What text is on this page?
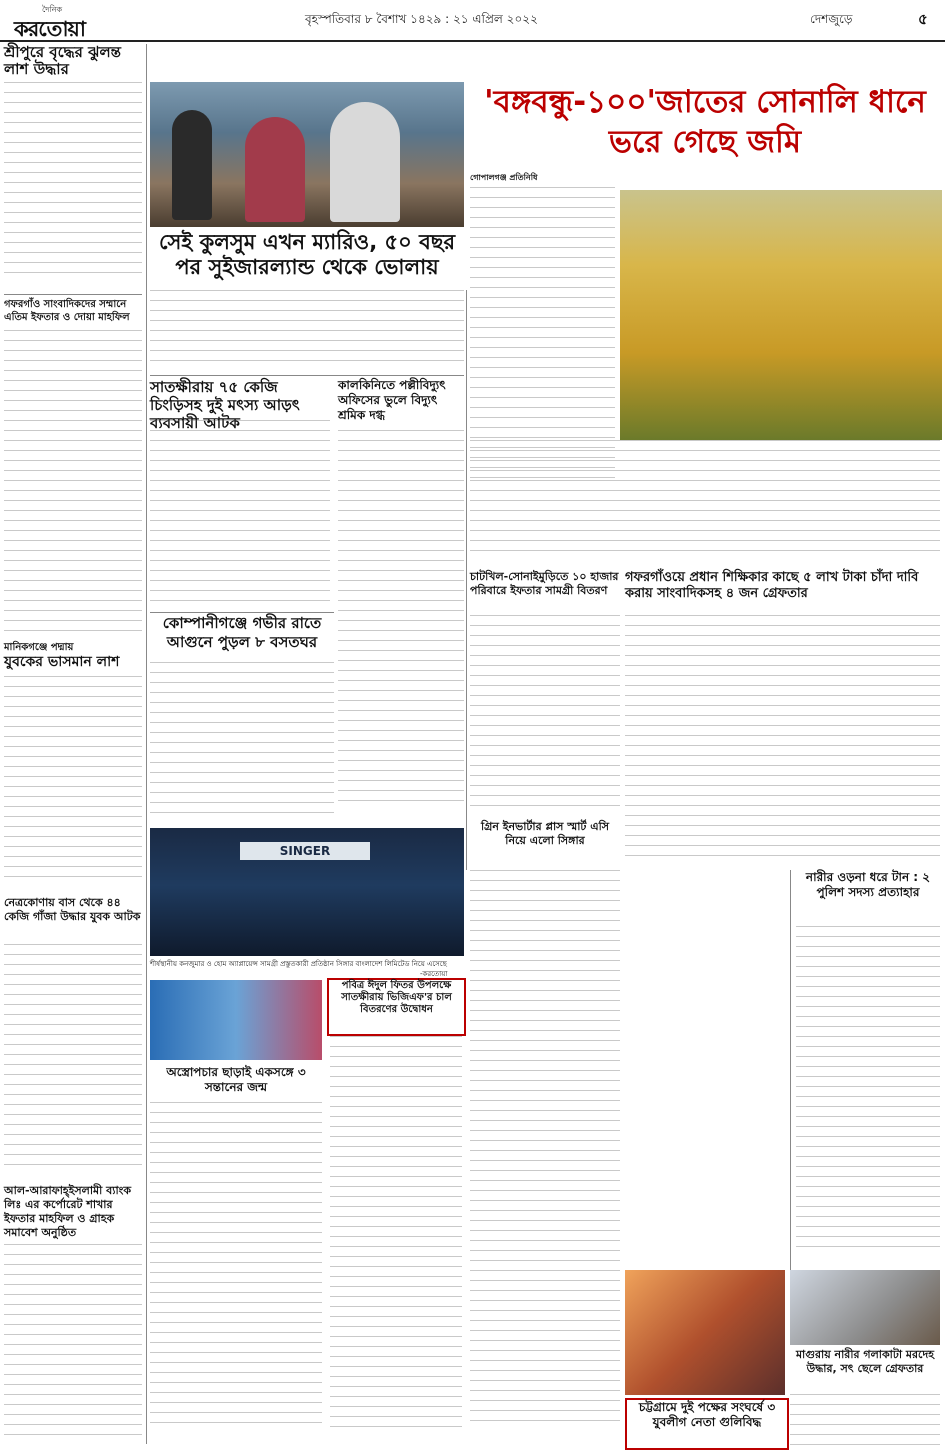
দৈনিক
করতোয়া	বৃহস্পতিবার ৮ বৈশাখ ১৪২৯ : ২১ এপ্রিল ২০২২	দেশজুড়ে	৫
শ্রীপুরে বৃদ্ধের ঝুলন্ত লাশ উদ্ধার
গফরগাঁও সাংবাদিকদের সম্মানে এতিম ইফতার ও দোয়া মাহফিল
মানিকগঞ্জে পদ্মায়
যুবকের ভাসমান লাশ
নেত্রকোণায় বাস থেকে ৪৪ কেজি গাঁজা উদ্ধার যুবক আটক
আল-আরাফাহ্ইসলামী ব্যাংক লিঃ এর কর্পোরেট শাখার ইফতার মাহফিল ও গ্রাহক সমাবেশ অনুষ্ঠিত
সেই কুলসুম এখন ম্যারিও, ৫০ বছর পর সুইজারল্যান্ড থেকে ভোলায়
'বঙ্গবন্ধু-১০০'জাতের সোনালি ধানে ভরে গেছে জমি
গোপালগঞ্জ প্রতিনিধি
সাতক্ষীরায় ৭৫ কেজি চিংড়িসহ দুই মৎস্য আড়ৎ ব্যবসায়ী আটক
কালকিনিতে পল্লীবিদ্যুৎ অফিসের ভুলে বিদ্যুৎ শ্রমিক দগ্ধ
চাটখিল-সোনাইমুড়িতে ১০ হাজার পরিবারে ইফতার সামগ্রী বিতরণ
গফরগাঁওয়ে প্রধান শিক্ষিকার কাছে ৫ লাখ টাকা চাঁদা দাবি করায় সাংবাদিকসহ ৪ জন গ্রেফতার
কোম্পানীগঞ্জে গভীর রাতে আগুনে পুড়ল ৮ বসতঘর
SINGER
শীর্ষস্থানীয় কনজুমার ও হোম অ্যাপ্লায়েন্স সামগ্রী প্রস্তুতকারী প্রতিষ্ঠান সিঙ্গার বাংলাদেশ লিমিটেড নিয়ে এসেছে
-করতোয়া
গ্রিন ইনভার্টার প্লাস স্মার্ট এসি নিয়ে এলো সিঙ্গার
পবিত্র ঈদুল ফিতর উপলক্ষে সাতক্ষীরায় ভিজিএফ'র চাল বিতরণের উদ্বোধন
অস্ত্রোপচার ছাড়াই একসঙ্গে ৩ সন্তানের জন্ম
নারীর ওড়না ধরে টান : ২ পুলিশ সদস্য প্রত্যাহার
চট্টগ্রামে দুই পক্ষের সংঘর্ষে ৩ যুবলীগ নেতা গুলিবিদ্ধ
মাগুরায় নারীর গলাকাটা মরদেহ উদ্ধার, সৎ ছেলে গ্রেফতার
